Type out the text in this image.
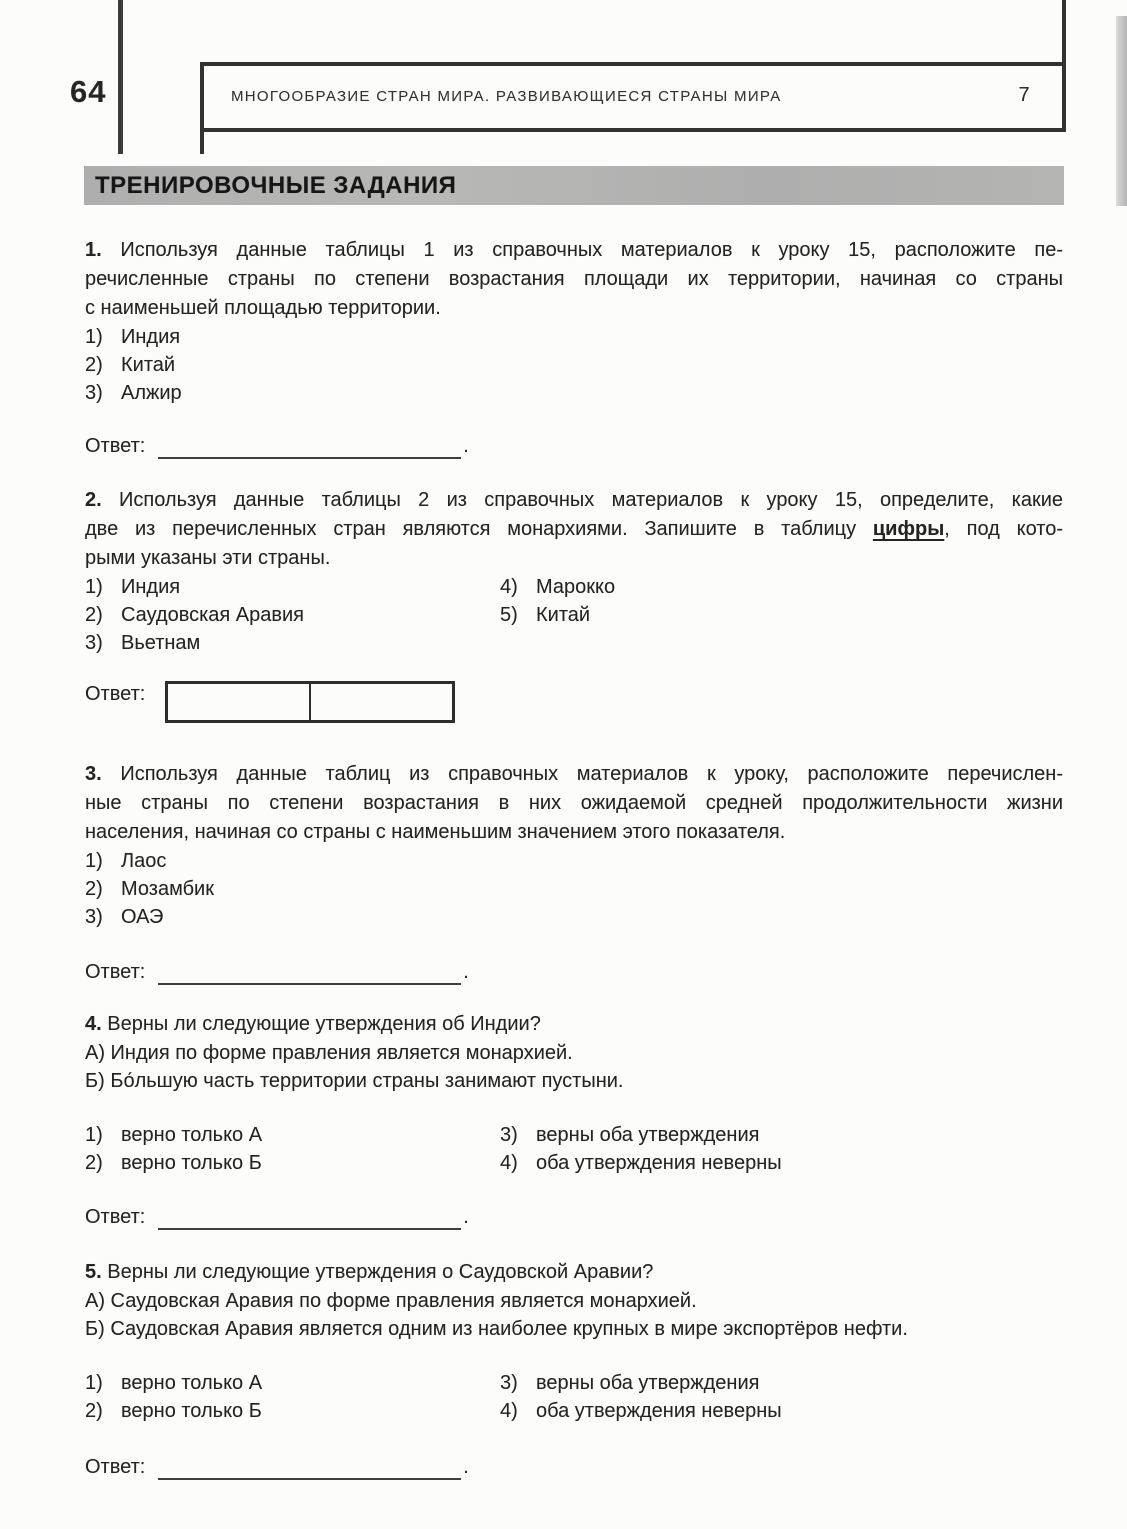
64	МНОГООБРАЗИЕ СТРАН МИРА. РАЗВИВАЮЩИЕСЯ СТРАНЫ МИРА	7
ТРЕНИРОВОЧНЫЕ ЗАДАНИЯ
1. Используя данные таблицы 1 из справочных материалов к уроку 15, расположите пе-
речисленные страны по степени возрастания площади их территории, начиная со страны
с наименьшей площадью территории.
1) Индия
2) Китай
3) Алжир
Ответ:	.
2. Используя данные таблицы 2 из справочных материалов к уроку 15, определите, какие
две из перечисленных стран являются монархиями. Запишите в таблицу цифры, под кото-
рыми указаны эти страны.
1) Индия
2) Саудовская Аравия
3) Вьетнам
4) Марокко
5) Китай
Ответ:
3. Используя данные таблиц из справочных материалов к уроку, расположите перечислен-
ные страны по степени возрастания в них ожидаемой средней продолжительности жизни
населения, начиная со страны с наименьшим значением этого показателя.
1) Лаос
2) Мозамбик
3) ОАЭ
Ответ:	.
4. Верны ли следующие утверждения об Индии?
А) Индия по форме правления является монархией.
Б) Бо́льшую часть территории страны занимают пустыни.
1) верно только А
2) верно только Б
3) верны оба утверждения
4) оба утверждения неверны
Ответ:	.
5. Верны ли следующие утверждения о Саудовской Аравии?
А) Саудовская Аравия по форме правления является монархией.
Б) Саудовская Аравия является одним из наиболее крупных в мире экспортёров нефти.
1) верно только А
2) верно только Б
3) верны оба утверждения
4) оба утверждения неверны
Ответ:	.
